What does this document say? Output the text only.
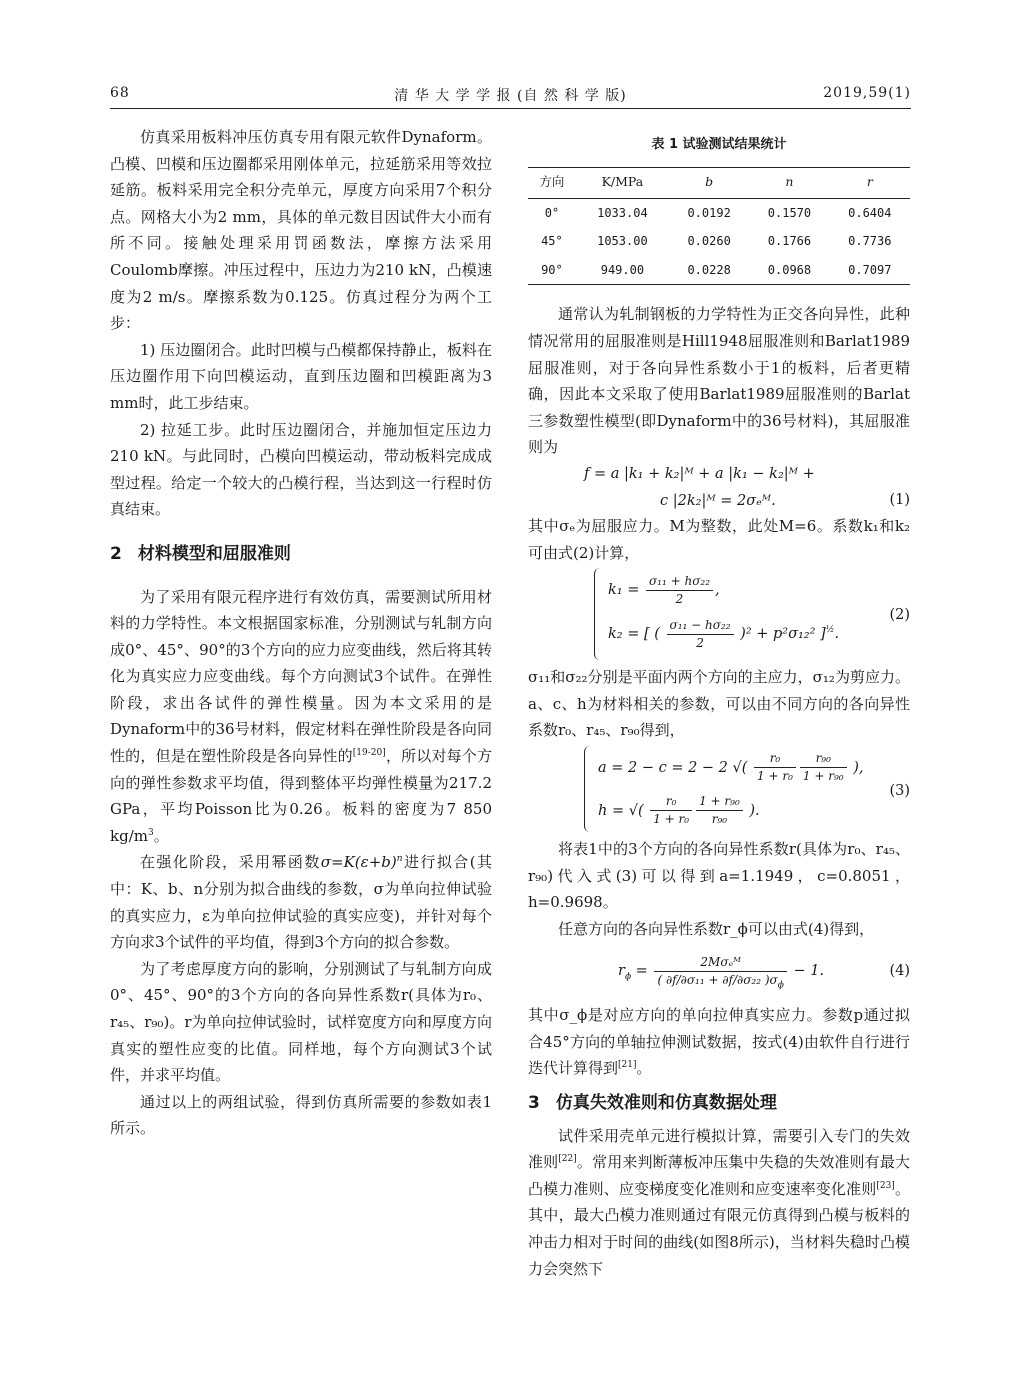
68	清 华 大 学 学 报 (自 然 科 学 版)	2019,59(1)

仿真采用板料冲压仿真专用有限元软件Dynaform。凸模、凹模和压边圈都采用刚体单元，拉延筋采用等效拉延筋。板料采用完全积分壳单元，厚度方向采用7个积分点。网格大小为2 mm，具体的单元数目因试件大小而有所不同。接触处理采用罚函数法，摩擦方法采用Coulomb摩擦。冲压过程中，压边力为210 kN，凸模速度为2 m/s。摩擦系数为0.125。仿真过程分为两个工步：

1) 压边圈闭合。此时凹模与凸模都保持静止，板料在压边圈作用下向凹模运动，直到压边圈和凹模距离为3 mm时，此工步结束。

2) 拉延工步。此时压边圈闭合，并施加恒定压边力210 kN。与此同时，凸模向凹模运动，带动板料完成成型过程。给定一个较大的凸模行程，当达到这一行程时仿真结束。

2 材料模型和屈服准则

为了采用有限元程序进行有效仿真，需要测试所用材料的力学特性。本文根据国家标准，分别测试与轧制方向成0°、45°、90°的3个方向的应力应变曲线，然后将其转化为真实应力应变曲线。每个方向测试3个试件。在弹性阶段，求出各试件的弹性模量。因为本文采用的是Dynaform中的36号材料，假定材料在弹性阶段是各向同性的，但是在塑性阶段是各向异性的[19-20]，所以对每个方向的弹性参数求平均值，得到整体平均弹性模量为217.2 GPa，平均Poisson比为0.26。板料的密度为7 850 $kg/m^3$。

在强化阶段，采用幂函数$\sigma=K(\varepsilon+b)^n$进行拟合(其中：K、b、n分别为拟合曲线的参数，σ为单向拉伸试验的真实应力，ε为单向拉伸试验的真实应变)，并针对每个方向求3个试件的平均值，得到3个方向的拟合参数。

为了考虑厚度方向的影响，分别测试了与轧制方向成0°、45°、90°的3个方向的各向异性系数r(具体为r₀、r₄₅、r₉₀)。r为单向拉伸试验时，试样宽度方向和厚度方向真实的塑性应变的比值。同样地，每个方向测试3个试件，并求平均值。

通过以上的两组试验，得到仿真所需要的参数如表1所示。

表 1 试验测试结果统计
方向	K/MPa	b	n	r
0°	1033.04	0.0192	0.1570	0.6404
45°	1053.00	0.0260	0.1766	0.7736
90°	949.00	0.0228	0.0968	0.7097

通常认为轧制钢板的力学特性为正交各向异性，此种情况常用的屈服准则是Hill1948屈服准则和Barlat1989屈服准则，对于各向异性系数小于1的板料，后者更精确，因此本文采取了使用Barlat1989屈服准则的Barlat三参数塑性模型(即Dynaform中的36号材料)，其屈服准则为

f = a |k₁ + k₂|ᴹ + a |k₁ − k₂|ᴹ +
c |2k₂|ᴹ = 2σₑᴹ.	(1)

其中σₑ为屈服应力。M为整数，此处M=6。系数k₁和k₂可由式(2)计算，

$k_1 = \frac{\text{σ₁₁ + hσ₂₂}}{2}$ ,
k₂ = [ ( $\frac{\text{σ₁₁ − hσ₂₂}}{2} )^2 + p^2\sigma_{12}^2$ ]$^{\frac{1}{2}}$.
(2)

σ₁₁和σ₂₂分别是平面内两个方向的主应力，σ₁₂为剪应力。a、c、h为材料相关的参数，可以由不同方向的各向异性系数r₀、r₄₅、r₉₀得到，

a = 2 − c = 2 − 2 √( $\frac{\text{r₀}}{\text{1 + r₀}} \frac{\text{r₉₀}}{\text{1 + r₉₀}}$ ),
h = √( $\frac{\text{r₀}}{\text{1 + r₀}} \frac{\text{1 + r₉₀}}{\text{r₉₀}}$ ).
(3)

将表1中的3个方向的各向异性系数r(具体为r₀、r₄₅、r₉₀)代入式(3)可以得到a=1.1949，c=0.8051，h=0.9698。

任意方向的各向异性系数r_ϕ可以由式(4)得到，

$r_\phi = \frac{\text{2Mσₑᴹ}}{( \partial f/\partial\sigma_{11} + \partial f/\partial\sigma_{22} )\sigma_\phi} - 1$.	(4)

其中σ_ϕ是对应方向的单向拉伸真实应力。参数p通过拟合45°方向的单轴拉伸测试数据，按式(4)由软件自行进行迭代计算得到[21]。

3 仿真失效准则和仿真数据处理

试件采用壳单元进行模拟计算，需要引入专门的失效准则[22]。常用来判断薄板冲压集中失稳的失效准则有最大凸模力准则、应变梯度变化准则和应变速率变化准则[23]。其中，最大凸模力准则通过有限元仿真得到凸模与板料的冲击力相对于时间的曲线(如图8所示)，当材料失稳时凸模力会突然下
